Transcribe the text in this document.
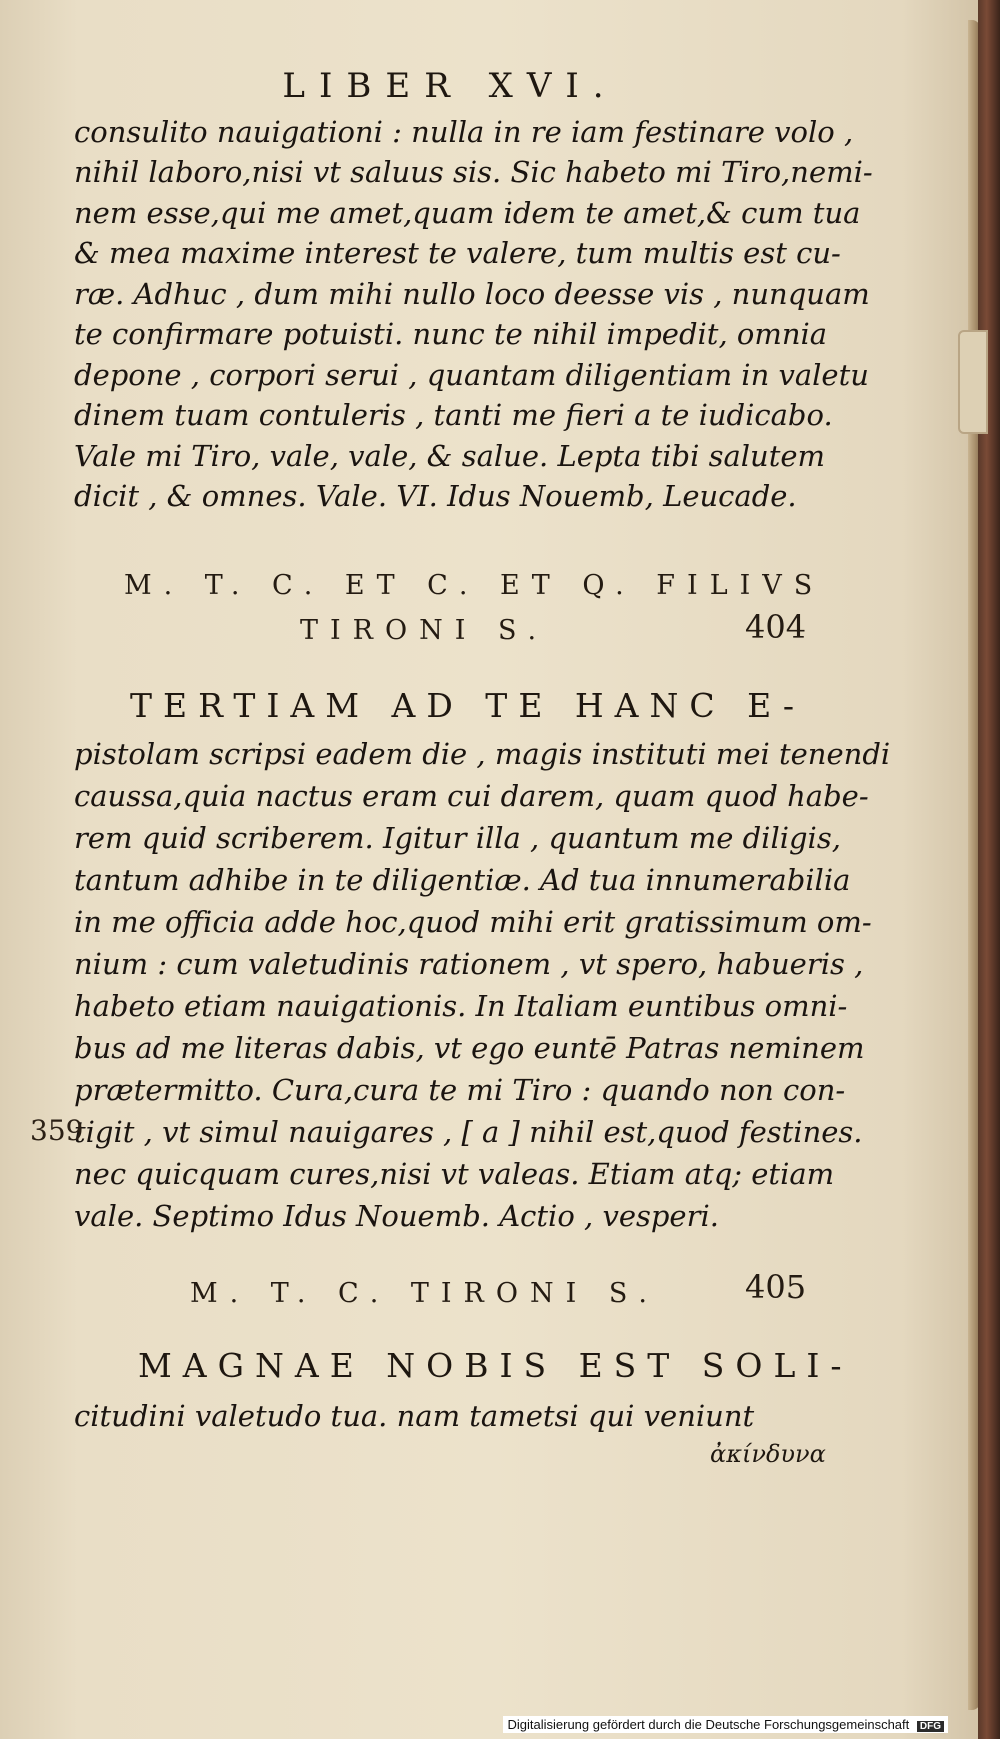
LIBER XVI.
consulito nauigationi : nulla in re iam festinare volo ,
nihil laboro,nisi vt saluus sis. Sic habeto mi Tiro,nemi-
nem esse,qui me amet,quam idem te amet,& cum tua
& mea maxime interest te valere, tum multis est cu-
ræ. Adhuc , dum mihi nullo loco deesse vis , nunquam
te confirmare potuisti. nunc te nihil impedit, omnia
depone , corpori serui , quantam diligentiam in valetu
dinem tuam contuleris , tanti me fieri a te iudicabo.
Vale mi Tiro, vale, vale, & salue. Lepta tibi salutem
dicit , & omnes. Vale. VI. Idus Nouemb, Leucade.
M. T. C. ET C. ET Q. FILIVS
TIRONI S.	404
TERTIAM AD TE HANC E-
pistolam scripsi eadem die , magis instituti mei tenendi
caussa,quia nactus eram cui darem, quam quod habe-
rem quid scriberem. Igitur illa , quantum me diligis,
tantum adhibe in te diligentiæ. Ad tua innumerabilia
in me officia adde hoc,quod mihi erit gratissimum om-
nium : cum valetudinis rationem , vt spero, habueris ,
habeto etiam nauigationis. In Italiam euntibus omni-
bus ad me literas dabis, vt ego euntē Patras neminem
prætermitto. Cura,cura te mi Tiro : quando non con-
tigit , vt simul nauigares , [ a ] nihil est,quod festines.
nec quicquam cures,nisi vt valeas. Etiam atq; etiam
vale. Septimo Idus Nouemb. Actio , vesperi.
359
M. T. C. TIRONI S.	405
MAGNAE NOBIS EST SOLI-
citudini valetudo tua. nam tametsi qui veniunt
ἀκίνδυνα
Digitalisierung gefördert durch die Deutsche Forschungsgemeinschaft DFG
